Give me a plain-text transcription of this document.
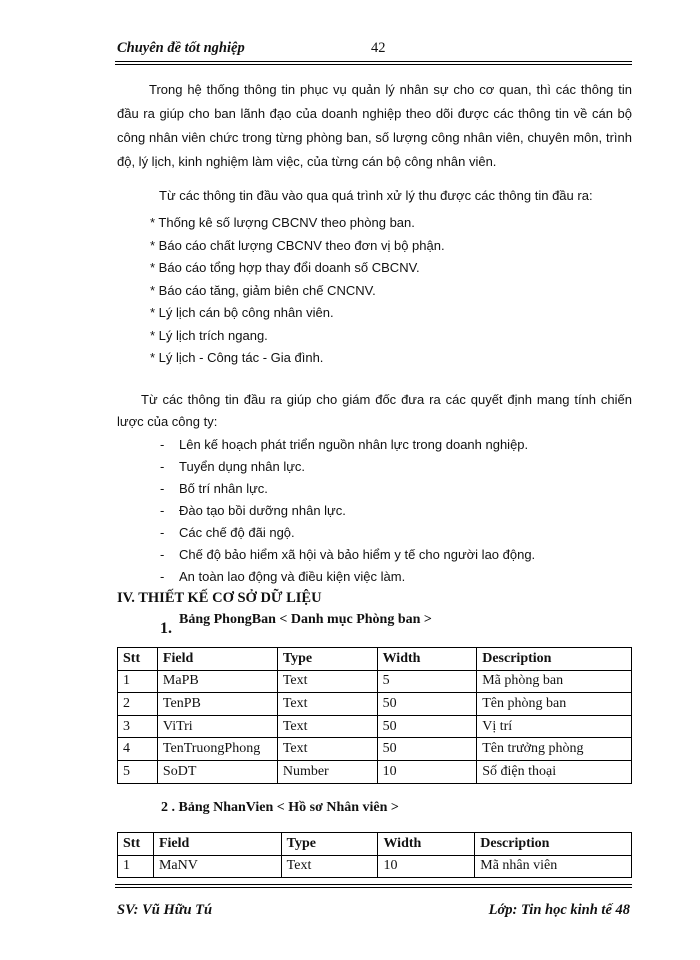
Chuyên đề tốt nghiệp	42

Trong hệ thống thông tin phục vụ quản lý nhân sự cho cơ quan, thì các thông tin đầu ra giúp cho ban lãnh đạo của doanh nghiệp theo dõi được các thông tin về cán bộ công nhân viên chức trong từng phòng ban, số lượng công nhân viên, chuyên môn, trình độ, lý lịch, kinh nghiệm làm việc, của từng cán bộ công nhân viên.

Từ các thông tin đầu vào qua quá trình xử lý thu được các thông tin đầu ra:
* Thống kê số lượng CBCNV theo phòng ban.
* Báo cáo chất lượng CBCNV theo đơn vị bộ phận.
* Báo cáo tổng hợp thay đổi doanh số CBCNV.
* Báo cáo tăng, giảm biên chế CNCNV.
* Lý lịch cán bộ công nhân viên.
* Lý lịch trích ngang.
* Lý lịch - Công tác - Gia đình.

Từ các thông tin đầu ra giúp cho giám đốc đưa ra các quyết định mang tính chiến lược của công ty:

-	Lên kế hoạch phát triển nguồn nhân lực trong doanh nghiệp.
-	Tuyển dụng nhân lực.
-	Bố trí nhân lực.
-	Đào tạo bồi dưỡng nhân lực.
-	Các chế độ đãi ngộ.
-	Chế độ bảo hiểm xã hội và bảo hiểm y tế cho người lao động.
-	An toàn lao động và điều kiện việc làm.
IV. THIẾT KẾ CƠ SỞ DỮ LIỆU
1.
Bảng PhongBan < Danh mục Phòng ban >
Stt	Field	Type	Width	Description
1	MaPB	Text	5	Mã phòng ban
2	TenPB	Text	50	Tên phòng ban
3	ViTri	Text	50	Vị trí
4	TenTruongPhong	Text	50	Tên trưởng phòng
5	SoDT	Number	10	Số điện thoại
2 . Bảng NhanVien < Hồ sơ Nhân viên >
Stt	Field	Type	Width	Description
1	MaNV	Text	10	Mã nhân viên
SV: Vũ Hữu Tú	Lớp: Tin học kinh tế 48
